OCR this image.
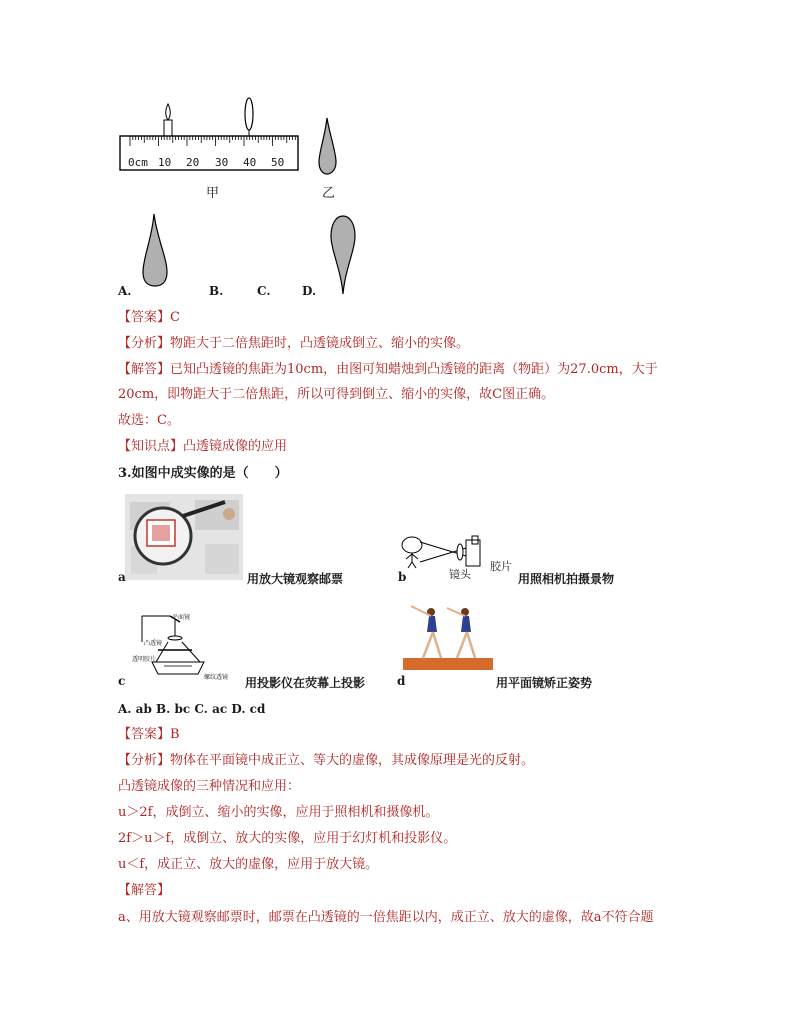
0cm 10 20 30 40 50
甲	乙
A.	B.	C.	D.
【答案】C
【分析】物距大于二倍焦距时，凸透镜成倒立、缩小的实像。
【解答】已知凸透镜的焦距为10cm，由图可知蜡烛到凸透镜的距离（物距）为27.0cm，大于
20cm，即物距大于二倍焦距，所以可得到倒立、缩小的实像，故C图正确。
故选：C。
【知识点】凸透镜成像的应用
3.如图中成实像的是（　　）
a	用放大镜观察邮票	镜头
胶片
b	用照相机拍摄景物
平面镜
凸透镜
透明胶片
螺纹透镜
c	用投影仪在荧幕上投影	d	用平面镜矫正姿势
A. ab B. bc C. ac D. cd
【答案】B
【分析】物体在平面镜中成正立、等大的虚像，其成像原理是光的反射。
凸透镜成像的三种情况和应用：
u＞2f，成倒立、缩小的实像，应用于照相机和摄像机。
2f＞u＞f，成倒立、放大的实像，应用于幻灯机和投影仪。
u＜f，成正立、放大的虚像，应用于放大镜。
【解答】
a、用放大镜观察邮票时，邮票在凸透镜的一倍焦距以内，成正立、放大的虚像，故a不符合题
